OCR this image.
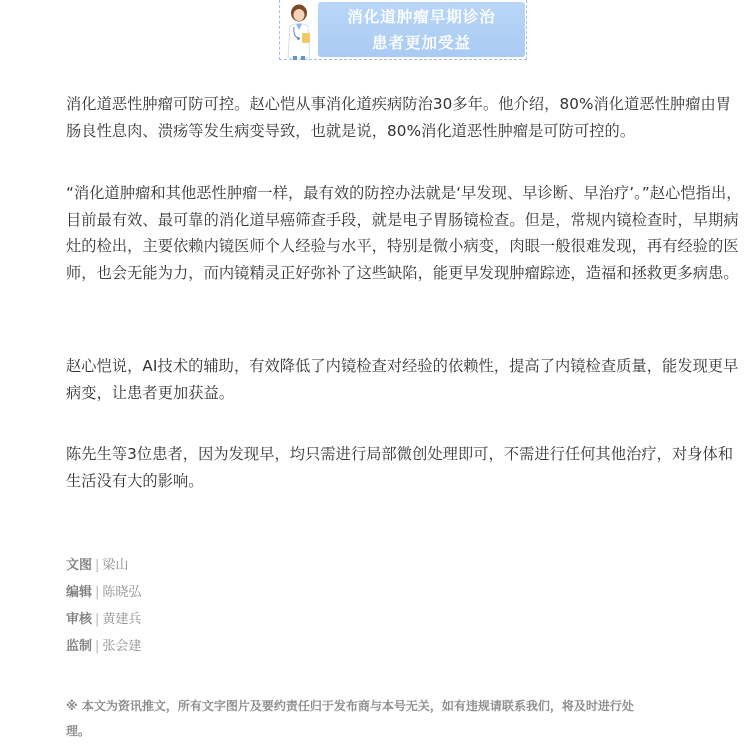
消化道肿瘤早期诊治
患者更加受益

消化道恶性肿瘤可防可控。赵心恺从事消化道疾病防治30多年。他介绍，80%消化道恶性肿瘤由胃肠良性息肉、溃疡等发生病变导致，也就是说，80%消化道恶性肿瘤是可防可控的。

“消化道肿瘤和其他恶性肿瘤一样，最有效的防控办法就是‘早发现、早诊断、早治疗’。”赵心恺指出，目前最有效、最可靠的消化道早癌筛查手段，就是电子胃肠镜检查。但是，常规内镜检查时，早期病灶的检出，主要依赖内镜医师个人经验与水平，特别是微小病变，肉眼一般很难发现，再有经验的医师，也会无能为力，而内镜精灵正好弥补了这些缺陷，能更早发现肿瘤踪迹，造福和拯救更多病患。

赵心恺说，AI技术的辅助，有效降低了内镜检查对经验的依赖性，提高了内镜检查质量，能发现更早病变，让患者更加获益。

陈先生等3位患者，因为发现早，均只需进行局部微创处理即可，不需进行任何其他治疗，对身体和生活没有大的影响。

文图 | 梁山
编辑 | 陈晓弘
审核 | 黄建兵
监制 | 张会建
※ 本文为资讯推文，所有文字图片及要约责任归于发布商与本号无关，如有违规请联系我们，将及时进行处理。
